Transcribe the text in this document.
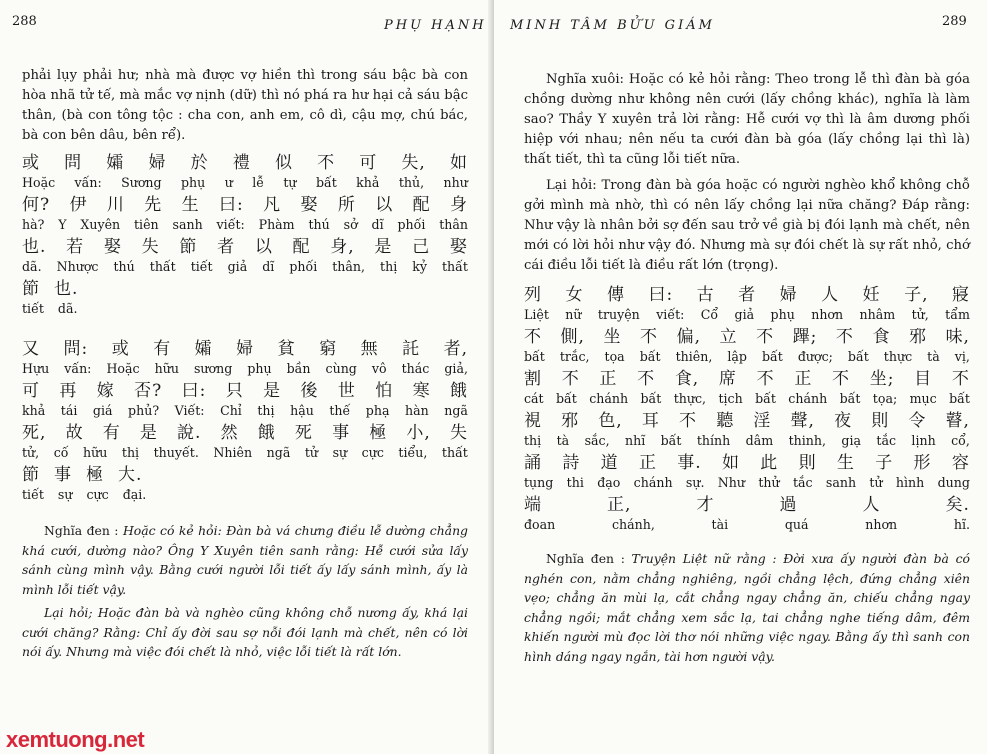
288	PHỤ HẠNH

phải lụy phải hư; nhà mà được vợ hiền thì trong sáu bậc bà con hòa nhã tử tế, mà mắc vợ nịnh (dữ) thì nó phá ra hư hại cả sáu bậc thân, (bà con tông tộc : cha con, anh em, cô dì, cậu mợ, chú bác, bà con bên dâu, bên rể).

或 問 孀 婦 於 禮 似 不 可 失, 如
Hoặc vấn: Sương phụ ư lễ tự bất khả thủ, như
何? 伊 川 先 生 曰: 凡 娶 所 以 配 身
hà? Y Xuyên tiên sanh viết: Phàm thú sở dĩ phối thân
也. 若 娶 失 節 者 以 配 身, 是 己 娶
dã. Nhược thú thất tiết giả dĩ phối thân, thị kỷ thất
節 也.
tiết dã.
又 問: 或 有 孀 婦 貧 窮 無 託 者,
Hựu vấn: Hoặc hữu sương phụ bần cùng vô thác giả,
可 再 嫁 否? 曰: 只 是 後 世 怕 寒 餓
khả tái giá phủ? Viết: Chỉ thị hậu thế phạ hàn ngã
死, 故 有 是 說. 然 餓 死 事 極 小, 失
tử, cố hữu thị thuyết. Nhiên ngã tử sự cực tiểu, thất
節 事 極 大.
tiết sự cực đại.

Nghĩa đen : Hoặc có kẻ hỏi: Đàn bà vá chưng điều lễ dường chẳng khá cưới, dường nào? Ông Y Xuyên tiên sanh rằng: Hễ cưới sửa lấy sánh cùng mình vậy. Bằng cưới người lỗi tiết ấy lấy sánh mình, ấy là mình lỗi tiết vậy.

Lại hỏi; Hoặc đàn bà và nghèo cũng không chỗ nương ấy, khá lại cưới chăng? Rằng: Chỉ ấy đời sau sợ nỗi đói lạnh mà chết, nên có lời nói ấy. Nhưng mà việc đói chết là nhỏ, việc lỗi tiết là rất lớn.

MINH TÂM BỬU GIÁM	289

Nghĩa xuôi: Hoặc có kẻ hỏi rằng: Theo trong lễ thì đàn bà góa chồng dường như không nên cưới (lấy chồng khác), nghĩa là làm sao? Thầy Y xuyên trả lời rằng: Hễ cưới vợ thì là âm dương phối hiệp với nhau; nên nếu ta cưới đàn bà góa (lấy chồng lại thì là) thất tiết, thì ta cũng lỗi tiết nữa.

Lại hỏi: Trong đàn bà góa hoặc có người nghèo khổ không chỗ gởi mình mà nhờ, thì có nên lấy chồng lại nữa chăng? Đáp rằng: Như vậy là nhân bởi sợ đến sau trở về già bị đói lạnh mà chết, nên mới có lời hỏi như vậy đó. Nhưng mà sự đói chết là sự rất nhỏ, chớ cái điều lỗi tiết là điều rất lớn (trọng).

列 女 傳 曰: 古 者 婦 人 妊 子, 寢
Liệt nữ truyện viết: Cổ giả phụ nhơn nhâm tử, tẩm
不 側, 坐 不 偏, 立 不 蹕; 不 食 邪 味,
bất trắc, tọa bất thiên, lập bất được; bất thực tà vị,
割 不 正 不 食, 席 不 正 不 坐; 目 不
cát bất chánh bất thực, tịch bất chánh bất tọa; mục bất
視 邪 色, 耳 不 聽 淫 聲, 夜 則 令 瞽,
thị tà sắc, nhĩ bất thính dâm thinh, giạ tắc lịnh cổ,
誦 詩 道 正 事. 如 此 則 生 子 形 容
tụng thi đạo chánh sự. Như thử tắc sanh tử hình dung
端	正,	才	過	人	矣.
đoan	chánh,	tài	quá	nhơn	hĩ.

Nghĩa đen : Truyện Liệt nữ rằng : Đời xưa ấy người đàn bà có nghén con, nằm chẳng nghiêng, ngồi chẳng lệch, đứng chẳng xiên vẹo; chẳng ăn mùi lạ, cắt chẳng ngay chẳng ăn, chiếu chẳng ngay chẳng ngồi; mắt chẳng xem sắc lạ, tai chẳng nghe tiếng dâm, đêm khiến người mù đọc lời thơ nói những việc ngay. Bằng ấy thì sanh con hình dáng ngay ngắn, tài hơn người vậy.

xemtuong.net
